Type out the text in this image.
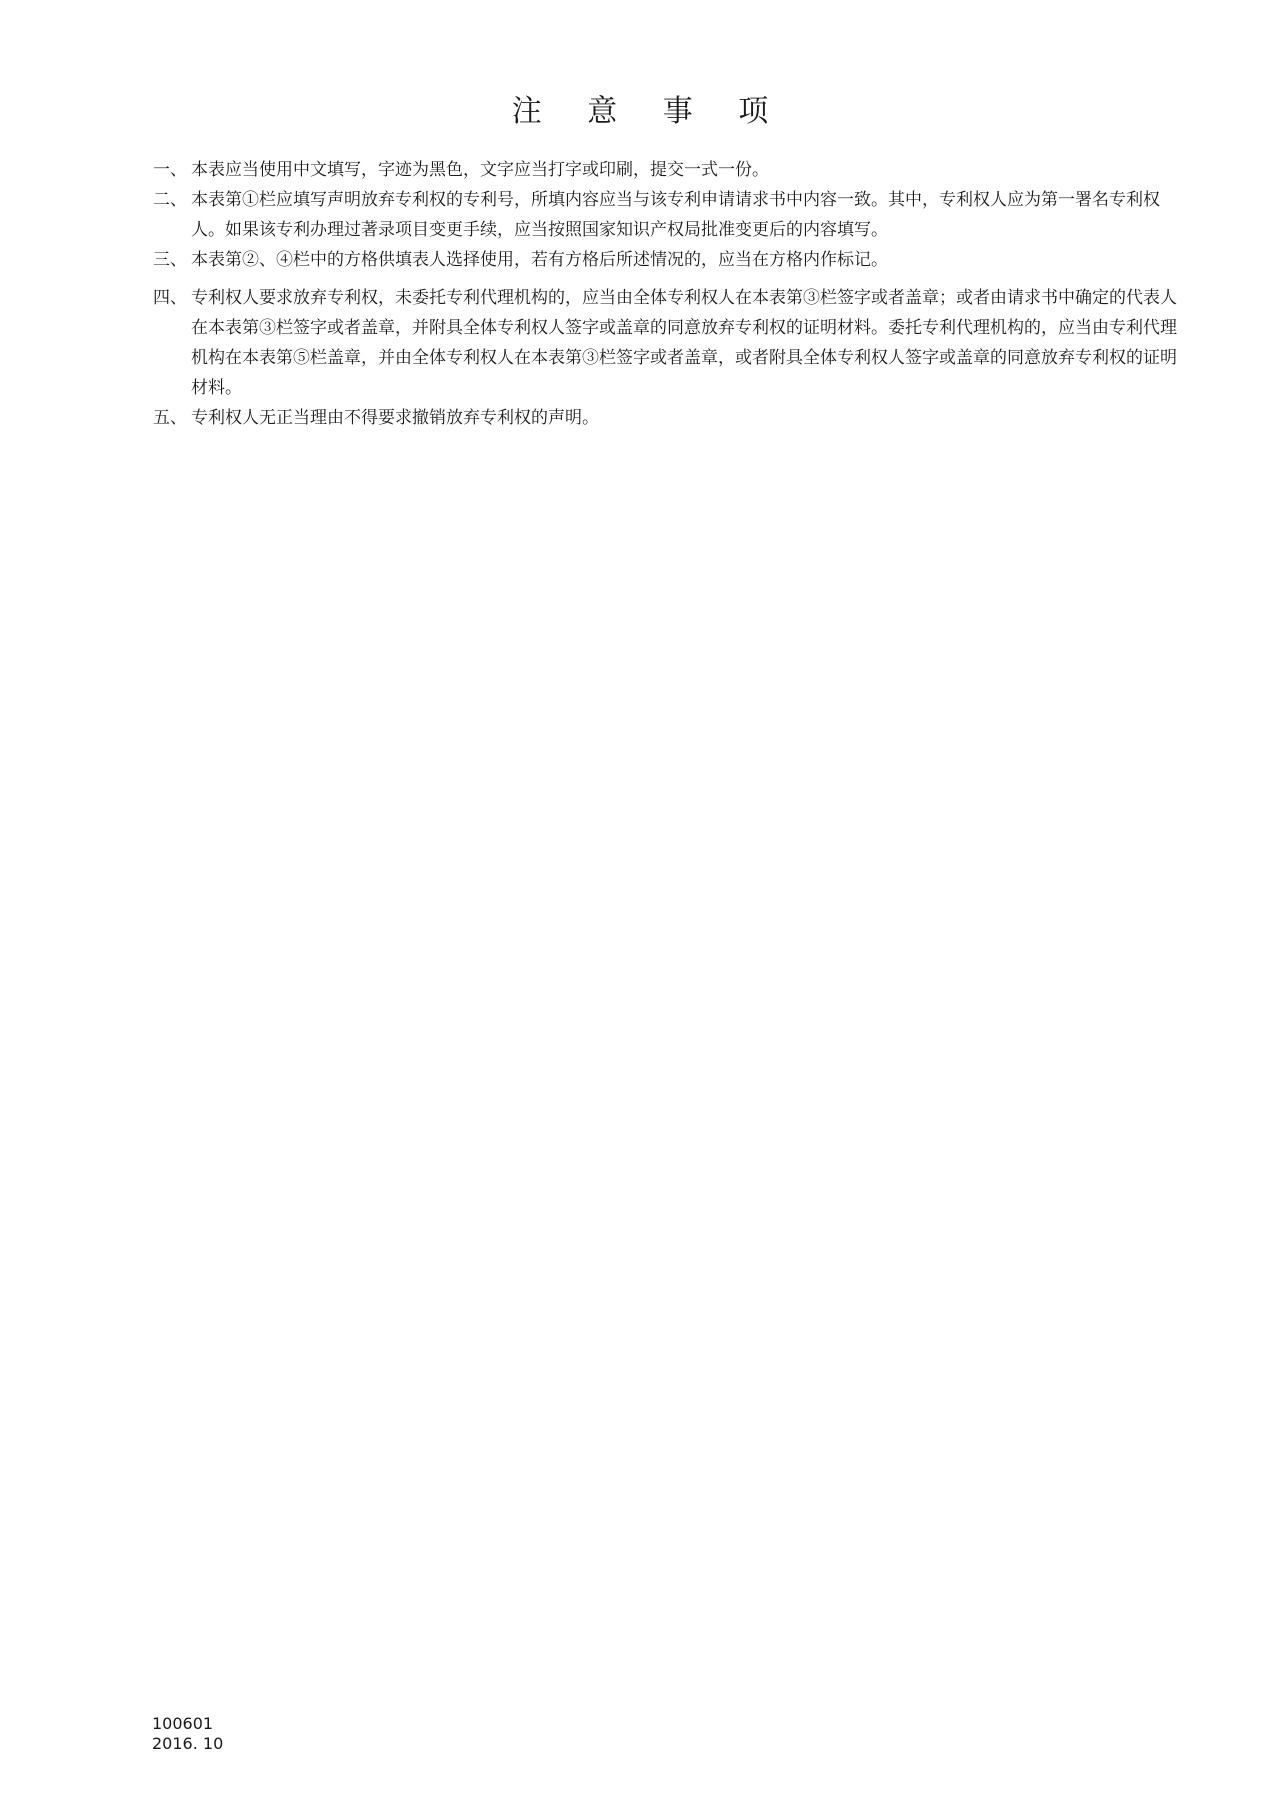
注 意 事 项

一、 本表应当使用中文填写，字迹为黑色，文字应当打字或印刷，提交一式一份。

二、 本表第①栏应填写声明放弃专利权的专利号，所填内容应当与该专利申请请求书中内容一致。其中，专利权人应为第一署名专利权人。如果该专利办理过著录项目变更手续，应当按照国家知识产权局批准变更后的内容填写。

三、 本表第②、④栏中的方格供填表人选择使用，若有方格后所述情况的，应当在方格内作标记。

四、 专利权人要求放弃专利权，未委托专利代理机构的，应当由全体专利权人在本表第③栏签字或者盖章；或者由请求书中确定的代表人在本表第③栏签字或者盖章，并附具全体专利权人签字或盖章的同意放弃专利权的证明材料。委托专利代理机构的，应当由专利代理机构在本表第⑤栏盖章，并由全体专利权人在本表第③栏签字或者盖章，或者附具全体专利权人签字或盖章的同意放弃专利权的证明材料。

五、 专利权人无正当理由不得要求撤销放弃专利权的声明。

100601
2016. 10
